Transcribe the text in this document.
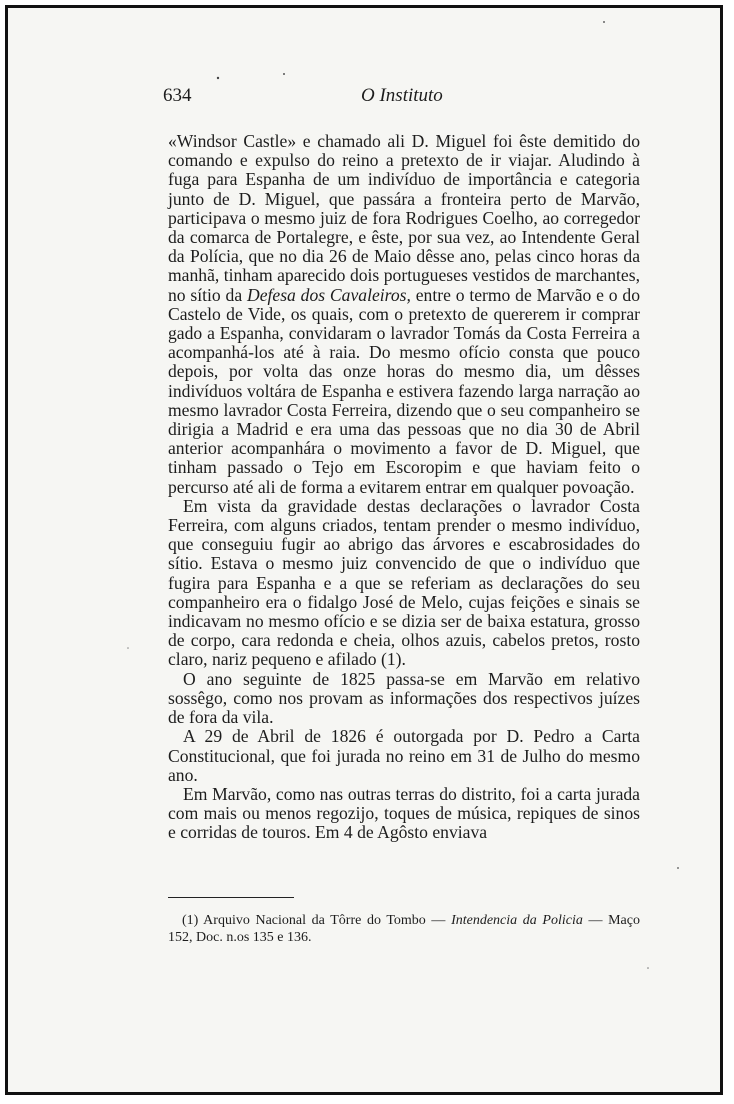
634	O Instituto

«Windsor Castle» e chamado ali D. Miguel foi êste demitido do comando e expulso do reino a pretexto de ir viajar. Aludindo à fuga para Espanha de um indivíduo de importância e categoria junto de D. Miguel, que passára a fronteira perto de Marvão, participava o mesmo juiz de fora Rodrigues Coelho, ao corregedor da comarca de Portalegre, e êste, por sua vez, ao Intendente Geral da Polícia, que no dia 26 de Maio dêsse ano, pelas cinco horas da manhã, tinham aparecido dois portugueses vestidos de marchantes, no sítio da Defesa dos Cavaleiros, entre o termo de Marvão e o do Castelo de Vide, os quais, com o pretexto de quererem ir comprar gado a Espanha, convidaram o lavrador Tomás da Costa Ferreira a acompanhá-los até à raia. Do mesmo ofício consta que pouco depois, por volta das onze horas do mesmo dia, um dêsses indivíduos voltára de Espanha e estivera fazendo larga narração ao mesmo lavrador Costa Ferreira, dizendo que o seu companheiro se dirigia a Madrid e era uma das pessoas que no dia 30 de Abril anterior acompanhára o movimento a favor de D. Miguel, que tinham passado o Tejo em Escoropim e que haviam feito o percurso até ali de forma a evitarem entrar em qualquer povoação.

Em vista da gravidade destas declarações o lavrador Costa Ferreira, com alguns criados, tentam prender o mesmo indivíduo, que conseguiu fugir ao abrigo das árvores e escabrosidades do sítio. Estava o mesmo juiz convencido de que o indivíduo que fugira para Espanha e a que se referiam as declarações do seu companheiro era o fidalgo José de Melo, cujas feições e sinais se indicavam no mesmo ofício e se dizia ser de baixa estatura, grosso de corpo, cara redonda e cheia, olhos azuis, cabelos pretos, rosto claro, nariz pequeno e afilado (1).

O ano seguinte de 1825 passa-se em Marvão em relativo sossêgo, como nos provam as informações dos respectivos juízes de fora da vila.

A 29 de Abril de 1826 é outorgada por D. Pedro a Carta Constitucional, que foi jurada no reino em 31 de Julho do mesmo ano.

Em Marvão, como nas outras terras do distrito, foi a carta jurada com mais ou menos regozijo, toques de música, repiques de sinos e corridas de touros. Em 4 de Agôsto enviava

(1) Arquivo Nacional da Tôrre do Tombo — Intendencia da Policia — Maço 152, Doc. n.os 135 e 136.
